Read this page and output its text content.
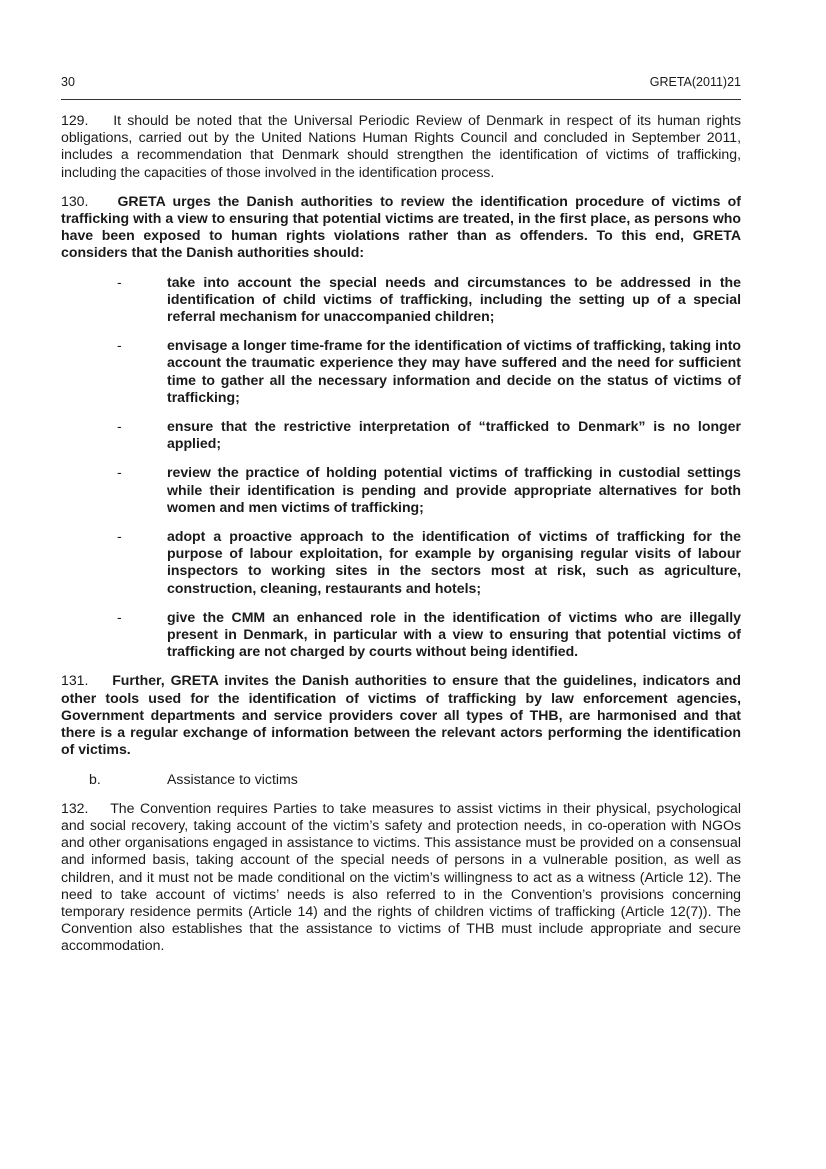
30	GRETA(2011)21

129. It should be noted that the Universal Periodic Review of Denmark in respect of its human rights obligations, carried out by the United Nations Human Rights Council and concluded in September 2011, includes a recommendation that Denmark should strengthen the identification of victims of trafficking, including the capacities of those involved in the identification process.

130. GRETA urges the Danish authorities to review the identification procedure of victims of trafficking with a view to ensuring that potential victims are treated, in the first place, as persons who have been exposed to human rights violations rather than as offenders. To this end, GRETA considers that the Danish authorities should:

-	take into account the special needs and circumstances to be addressed in the identification of child victims of trafficking, including the setting up of a special referral mechanism for unaccompanied children;
-	envisage a longer time-frame for the identification of victims of trafficking, taking into account the traumatic experience they may have suffered and the need for sufficient time to gather all the necessary information and decide on the status of victims of trafficking;
-	ensure that the restrictive interpretation of “trafficked to Denmark” is no longer applied;
-	review the practice of holding potential victims of trafficking in custodial settings while their identification is pending and provide appropriate alternatives for both women and men victims of trafficking;
-	adopt a proactive approach to the identification of victims of trafficking for the purpose of labour exploitation, for example by organising regular visits of labour inspectors to working sites in the sectors most at risk, such as agriculture, construction, cleaning, restaurants and hotels;
-	give the CMM an enhanced role in the identification of victims who are illegally present in Denmark, in particular with a view to ensuring that potential victims of trafficking are not charged by courts without being identified.

131. Further, GRETA invites the Danish authorities to ensure that the guidelines, indicators and other tools used for the identification of victims of trafficking by law enforcement agencies, Government departments and service providers cover all types of THB, are harmonised and that there is a regular exchange of information between the relevant actors performing the identification of victims.

b.	Assistance to victims

132. The Convention requires Parties to take measures to assist victims in their physical, psychological and social recovery, taking account of the victim’s safety and protection needs, in co-operation with NGOs and other organisations engaged in assistance to victims. This assistance must be provided on a consensual and informed basis, taking account of the special needs of persons in a vulnerable position, as well as children, and it must not be made conditional on the victim’s willingness to act as a witness (Article 12). The need to take account of victims’ needs is also referred to in the Convention’s provisions concerning temporary residence permits (Article 14) and the rights of children victims of trafficking (Article 12(7)). The Convention also establishes that the assistance to victims of THB must include appropriate and secure accommodation.
